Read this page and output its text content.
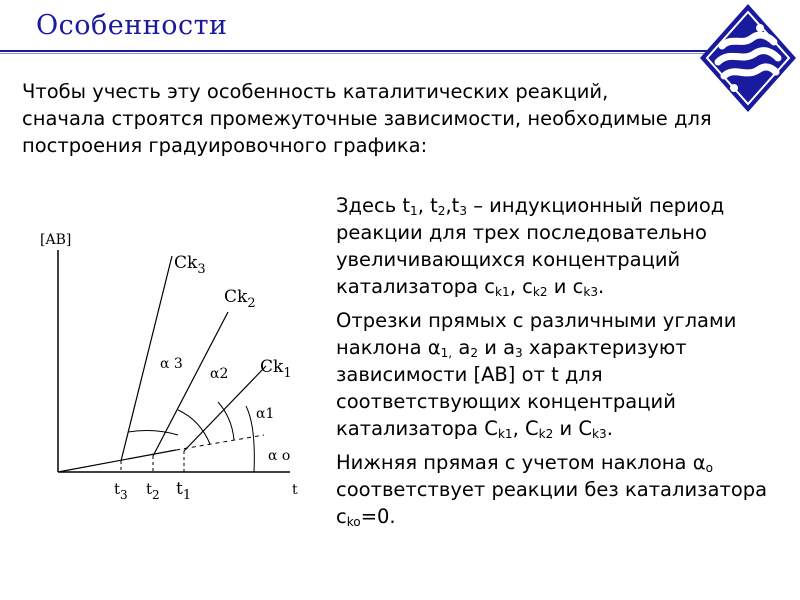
Особенности
Чтобы учесть эту особенность каталитических реакций,
сначала строятся промежуточные зависимости, необходимые для
построения градуировочного графика:
[AB]
t
$Ck_3$
$Ck_2$
$Ck_1$
α 3
α2
α1
α o
$t_3$ $t_2$ $t_1$

Здесь $t_1$, $t_2,t_3$ – индукционный период реакции для трех последовательно увеличивающихся концентраций катализатора $c_{k1}$, $c_{k2}$ и $c_{k3}$.

Отрезки прямых с различными углами наклона $\alpha_{1,}$ $a_2$ и $a_3$ характеризуют зависимости [AB] от t для соответствующих концентраций катализатора $C_{k1}$, $C_{k2}$ и $C_{k3}$.

Нижняя прямая с учетом наклона $\alpha_o$ соответствует реакции без катализатора $c_{ko}=0$.
